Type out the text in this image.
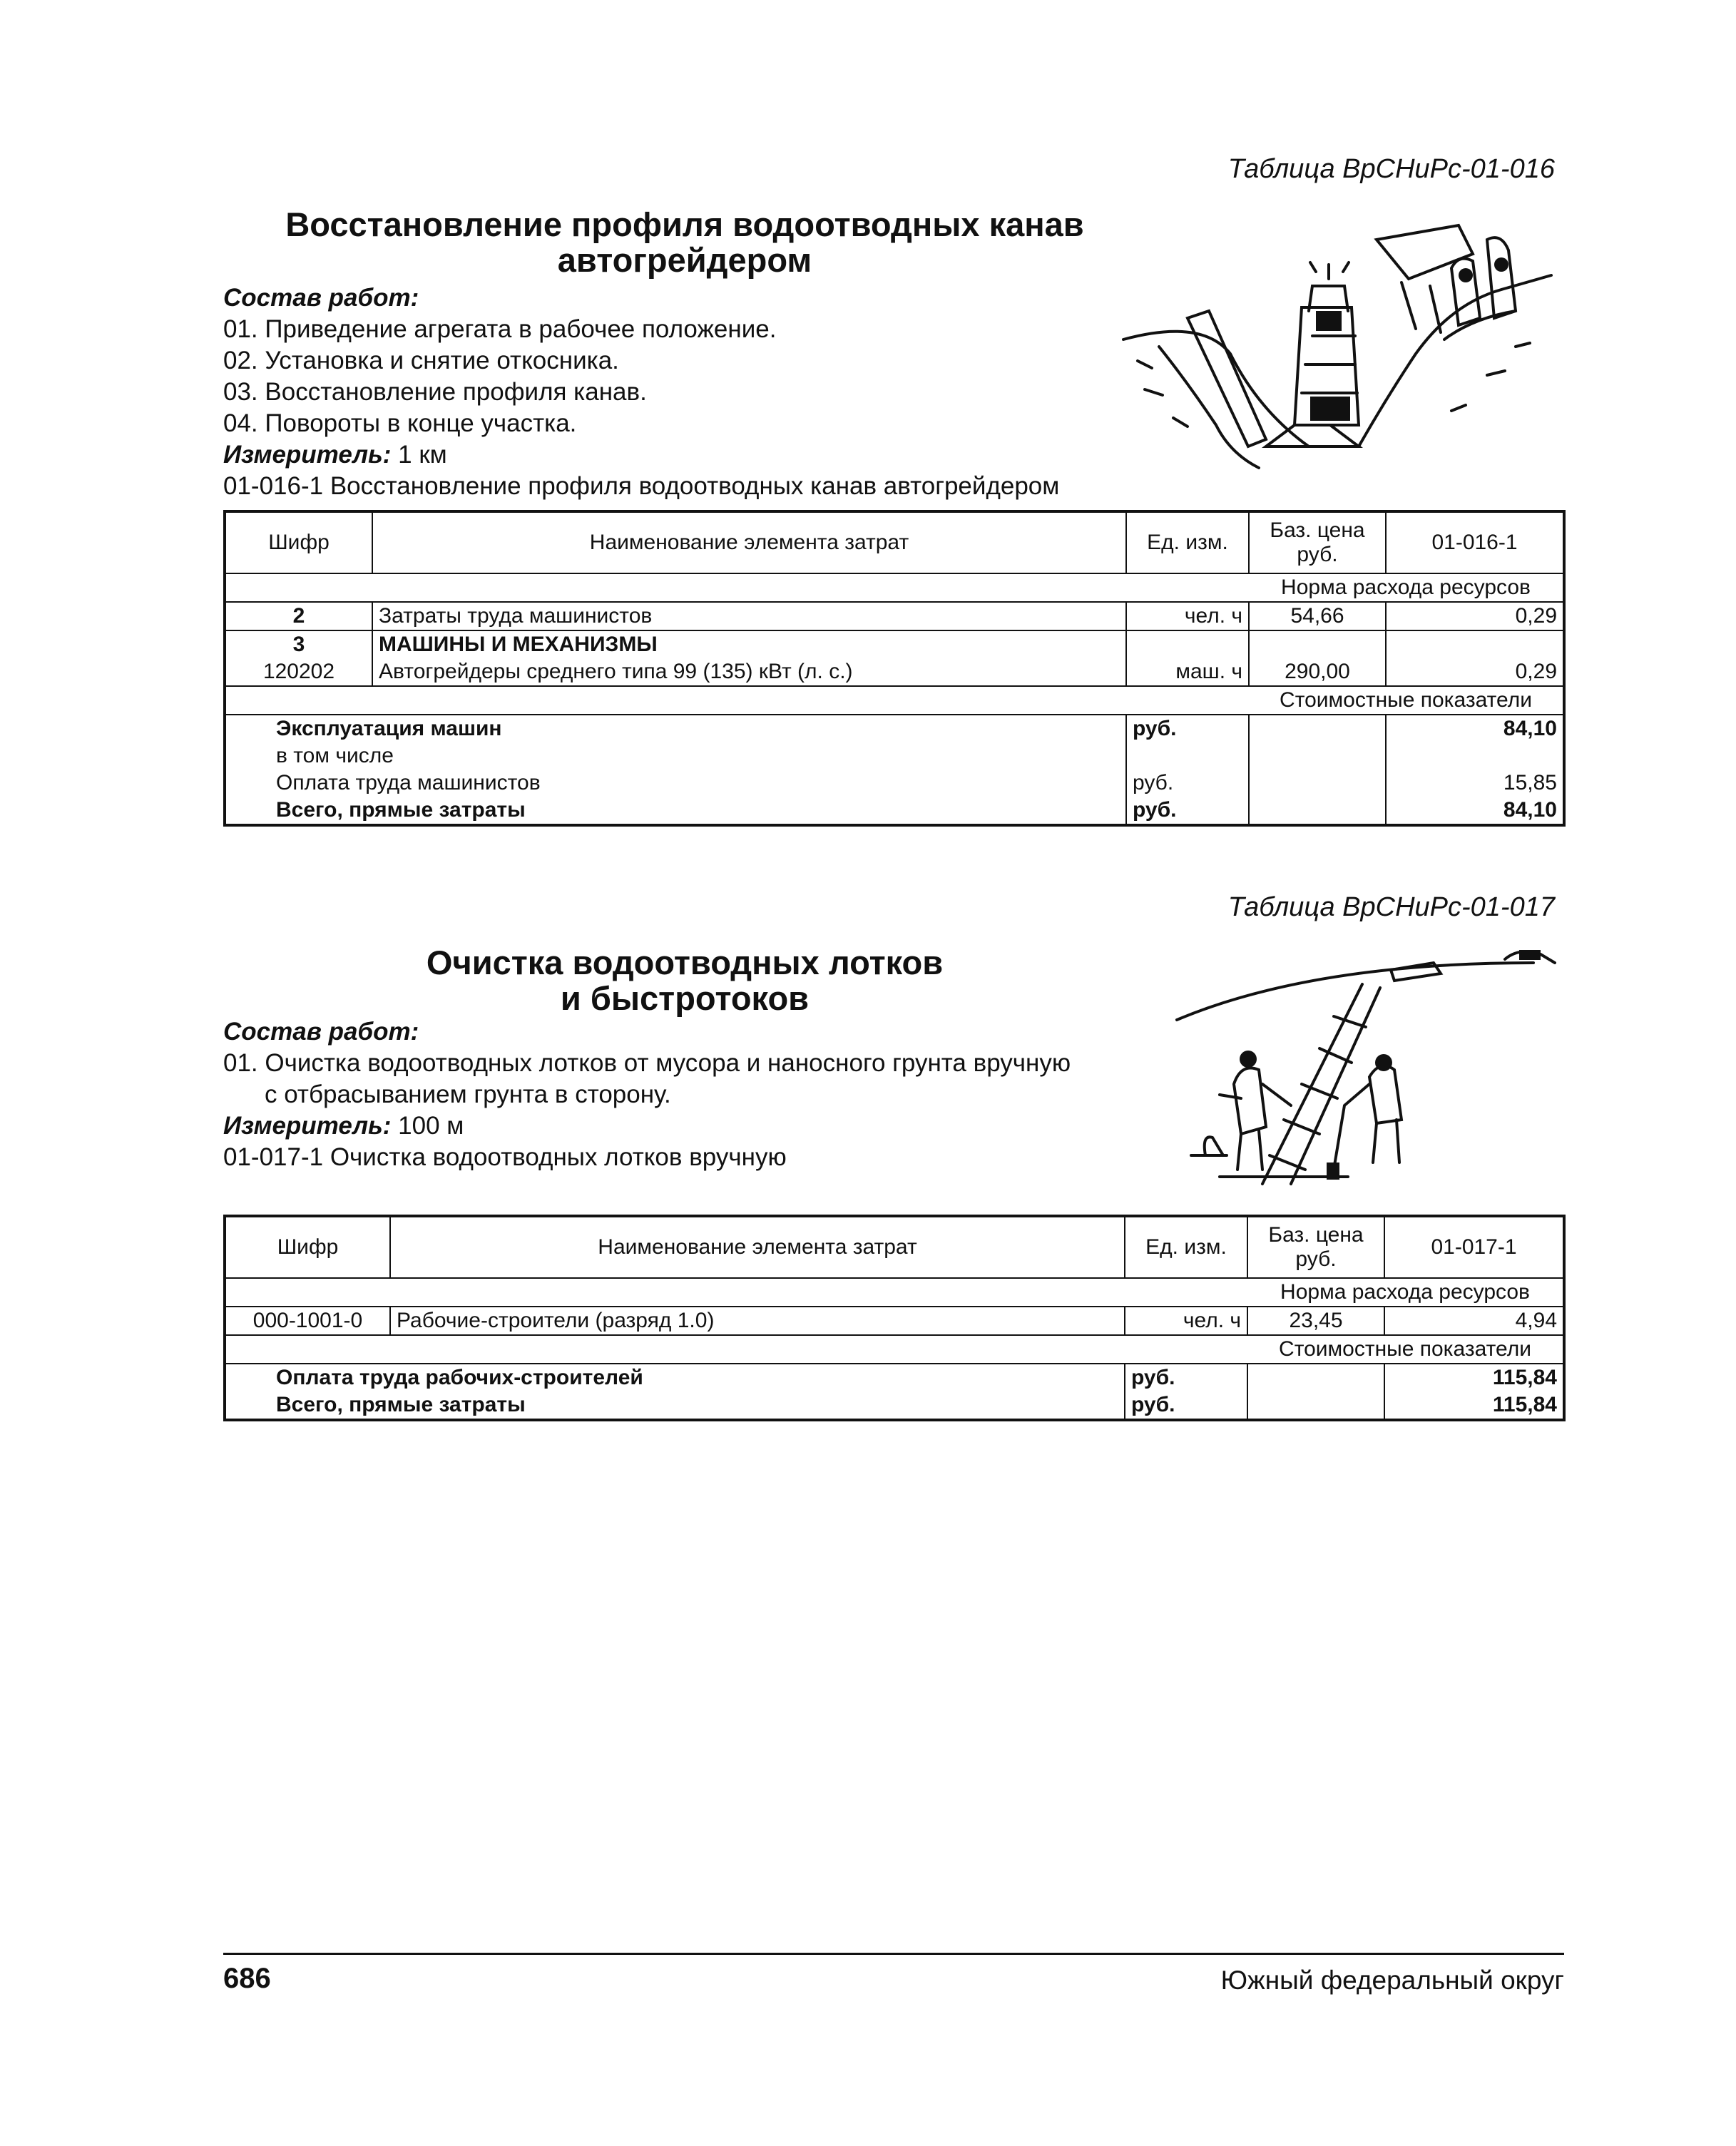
Таблица ВрСНиРс-01-016
Восстановление профиля водоотводных канав
автогрейдером
Состав работ:
01. Приведение агрегата в рабочее положение.
02. Установка и снятие откосника.
03. Восстановление профиля канав.
04. Повороты в конце участка.
Измеритель: 1 км
01-016-1 Восстановление профиля водоотводных канав автогрейдером
Шифр	Наименование элемента затрат	Ед. изм.	Баз. цена руб.	01-016-1
			Норма расхода ресурсов	
2	Затраты труда машинистов	чел. ч	54,66	0,29
3	МАШИНЫ И МЕХАНИЗМЫ			
120202	Автогрейдеры среднего типа 99 (135) кВт (л. с.)	маш. ч	290,00	0,29
			Стоимостные показатели	
Эксплуатация машин		руб.		84,10
в том числе				
Оплата труда машинистов		руб.		15,85
Всего, прямые затраты		руб.		84,10
Таблица ВрСНиРс-01-017
Очистка водоотводных лотков
и быстротоков
Состав работ:
01. Очистка водоотводных лотков от мусора и наносного грунта вручную
с отбрасыванием грунта в сторону.
Измеритель: 100 м
01-017-1 Очистка водоотводных лотков вручную
Шифр	Наименование элемента затрат	Ед. изм.	Баз. цена руб.	01-017-1
			Норма расхода ресурсов	
000-1001-0	Рабочие-строители (разряд 1.0)	чел. ч	23,45	4,94
			Стоимостные показатели	
Оплата труда рабочих-строителей		руб.		115,84
Всего, прямые затраты		руб.		115,84
686	Южный федеральный округ
